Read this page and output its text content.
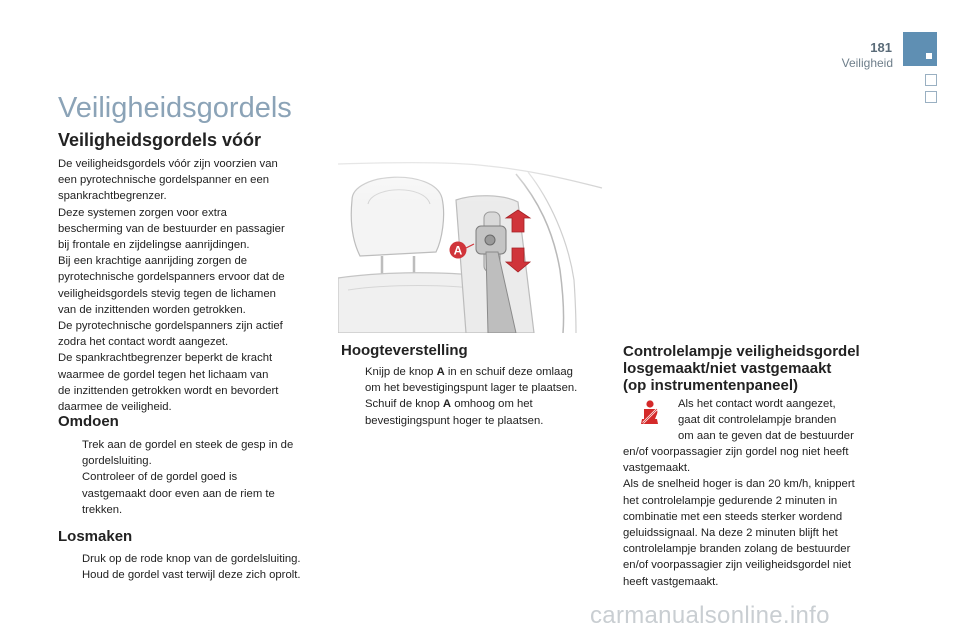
181
Veiligheid
Veiligheidsgordels
Veiligheidsgordels vóór
De veiligheidsgordels vóór zijn voorzien van
een pyrotechnische gordelspanner en een
spankrachtbegrenzer.
Deze systemen zorgen voor extra
bescherming van de bestuurder en passagier
bij frontale en zijdelingse aanrijdingen.
Bij een krachtige aanrijding zorgen de
pyrotechnische gordelspanners ervoor dat de
veiligheidsgordels stevig tegen de lichamen
van de inzittenden worden getrokken.
De pyrotechnische gordelspanners zijn actief
zodra het contact wordt aangezet.
De spankrachtbegrenzer beperkt de kracht
waarmee de gordel tegen het lichaam van
de inzittenden getrokken wordt en bevordert
daarmee de veiligheid.
Omdoen
Trek aan de gordel en steek de gesp in de
gordelsluiting.
Controleer of de gordel goed is
vastgemaakt door even aan de riem te
trekken.
Losmaken
Druk op de rode knop van de gordelsluiting.
Houd de gordel vast terwijl deze zich oprolt.
Hoogteverstelling
Knijp de knop A in en schuif deze omlaag
om het bevestigingspunt lager te plaatsen.
Schuif de knop A omhoog om het
bevestigingspunt hoger te plaatsen.
Controlelampje veiligheidsgordel
losgemaakt/niet vastgemaakt
(op instrumentenpaneel)
Als het contact wordt aangezet,
gaat dit controlelampje branden
om aan te geven dat de bestuurder
en/of voorpassagier zijn gordel nog niet heeft
vastgemaakt.
Als de snelheid hoger is dan 20 km/h, knippert
het controlelampje gedurende 2 minuten in
combinatie met een steeds sterker wordend
geluidssignaal. Na deze 2 minuten blijft het
controlelampje branden zolang de bestuurder
en/of voorpassagier zijn veiligheidsgordel niet
heeft vastgemaakt.
carmanualsonline.info
